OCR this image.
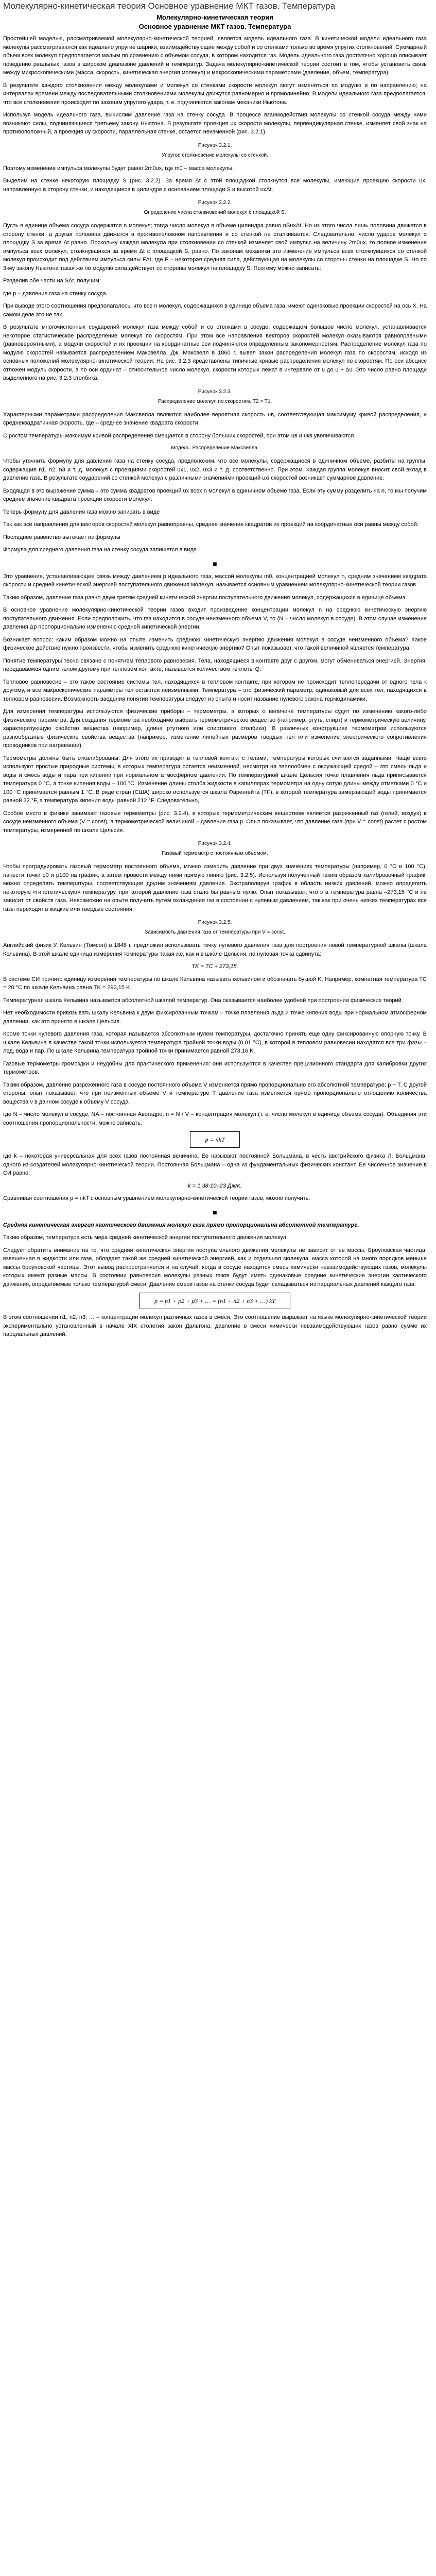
Молекулярно-кинетическая теория Основное уравнение МКТ газов. Температура
Молекулярно-кинетическая теория
Основное уравнение МКТ газов. Температура

Простейшей моделью, рассматриваемой молекулярно-кинетической теорией, является модель идеального газа. В кинетической модели идеального газа молекулы рассматриваются как идеально упругие шарики, взаимодействующие между собой и со стенками только во время упругих столкновений. Суммарный объем всех молекул предполагается малым по сравнению с объемом сосуда, в котором находится газ. Модель идеального газа достаточно хорошо описывает поведение реальных газов в широком диапазоне давлений и температур. Задача молекулярно-кинетической теории состоит в том, чтобы установить связь между микроскопическими (масса, скорость, кинетическая энергия молекул) и макроскопическими параметрами (давление, объем, температура).

В результате каждого столкновения между молекулами и молекул со стенками скорости молекул могут изменяться по модулю и по направлению; на интервалах времени между последовательными столкновениями молекулы движутся равномерно и прямолинейно. В модели идеального газа предполагается, что все столкновения происходят по законам упругого удара, т. е. подчиняются законам механики Ньютона.

Используя модель идеального газа, вычислим давление газа на стенку сосуда. В процессе взаимодействия молекулы со стенкой сосуда между ними возникают силы, подчиняющиеся третьему закону Ньютона. В результате проекция υx скорости молекулы, перпендикулярная стенке, изменяет свой знак на противоположный, а проекция υy скорости, параллельная стенке, остается неизменной (рис. 3.2.1).

Рисунок 3.2.1.
Упругое столкновение молекулы со стенкой.

Поэтому изменение импульса молекулы будет равно 2m0υx, где m0 – масса молекулы.

Выделим на стенке некоторую площадку S (рис. 3.2.2). За время Δt с этой площадкой столкнутся все молекулы, имеющие проекцию скорости υx, направленную в сторону стенки, и находящиеся в цилиндре с основанием площади S и высотой υxΔt.

Рисунок 3.2.2.
Определение числа столкновений молекул с площадкой S.

Пусть в единице объема сосуда содержатся n молекул; тогда число молекул в объеме цилиндра равно nSυxΔt. Но из этого числа лишь половина движется в сторону стенки, а другая половина движется в противоположном направлении и со стенкой не сталкивается. Следовательно, число ударов молекул о площадку S за время Δt равно. Поскольку каждая молекула при столкновении со стенкой изменяет свой импульс на величину 2m0υx, то полное изменение импульса всех молекул, столкнувшихся за время Δt с площадкой S, равно. По законам механики это изменение импульса всех столкнувшихся со стенкой молекул происходит под действием импульса силы FΔt, где F – некоторая средняя сила, действующая на молекулы со стороны стенки на площадке S. Но по 3-му закону Ньютона такая же по модулю сила действует со стороны молекул на площадку S. Поэтому можно записать:

Разделив обе части на SΔt, получим:

где p – давление газа на стенку сосуда.

При выводе этого соотношения предполагалось, что все n молекул, содержащихся в единице объема газа, имеют одинаковые проекции скоростей на ось X. На самом деле это не так.

В результате многочисленных соударений молекул газа между собой и со стенками в сосуде, содержащем большое число молекул, устанавливается некоторое статистическое распределение молекул по скоростям. При этом все направления векторов скоростей молекул оказываются равноправными (равновероятными), а модули скоростей и их проекции на координатные оси подчиняются определенным закономерностям. Распределение молекул газа по модулю скоростей называется распределением Максвелла. Дж. Максвелл в 1860 г. вывел закон распределения молекул газа по скоростям, исходя из основных положений молекулярно-кинетической теории. На рис. 3.2.3 представлены типичные кривые распределения молекул по скоростям. По оси абсцисс отложен модуль скорости, а по оси ординат – относительное число молекул, скорости которых лежат в интервале от υ до υ + Δυ. Это число равно площади выделенного на рис. 3.2.3 столбика.

Рисунок 3.2.3.
Распределение молекул по скоростям. T2 > T1.

Характерными параметрами распределения Максвелла являются наиболее вероятная скорость υв, соответствующая максимуму кривой распределения, и среднеквадратичная скорость, где – среднее значение квадрата скорости.

С ростом температуры максимум кривой распределения смещается в сторону больших скоростей, при этом υв и υкв увеличиваются.

Модель. Распределение Максвелла.

Чтобы уточнить формулу для давления газа на стенку сосуда, предположим, что все молекулы, содержащиеся в единичном объеме, разбиты на группы, содержащие n1, n2, n3 и т. д. молекул с проекциями скоростей υx1, υx2, υx3 и т. д. соответственно. При этом. Каждая группа молекул вносит свой вклад в давление газа. В результате соударений со стенкой молекул с различными значениями проекций υxi скоростей возникает суммарное давление.

Входящая в это выражение сумма – это сумма квадратов проекций υx всех n молекул в единичном объеме газа. Если эту сумму разделить на n, то мы получим среднее значение квадрата проекции скорости молекул:

Теперь формулу для давления газа можно записать в виде

Так как все направления для векторов скоростей молекул равноправны, среднее значение квадратов их проекций на координатные оси равны между собой:

Последнее равенство вытекает из формулы

Формула для среднего давления газа на стенку сосуда запишется в виде

■

Это уравнение, устанавливающее связь между давлением p идеального газа, массой молекулы m0, концентрацией молекул n, средним значением квадрата скорости и средней кинетической энергией поступательного движения молекул, называется основным уравнением молекулярно-кинетической теории газов.

Таким образом, давление газа равно двум третям средней кинетической энергии поступательного движения молекул, содержащихся в единице объема.

В основное уравнение молекулярно-кинетической теории газов входит произведение концентрации молекул n на среднюю кинетическую энергию поступательного движения. Если предположить, что газ находится в сосуде неизменного объема V, то (N – число молекул в сосуде). В этом случае изменение давления Δp пропорционально изменению средней кинетической энергии.

Возникает вопрос: каким образом можно на опыте изменить среднюю кинетическую энергию движения молекул в сосуде неизменного объема? Какое физическое действие нужно произвести, чтобы изменить среднюю кинетическую энергию? Опыт показывает, что такой величиной является температура.

Понятие температуры тесно связано с понятием теплового равновесия. Тела, находящиеся в контакте друг с другом, могут обмениваться энергией. Энергия, передаваемая одним телом другому при тепловом контакте, называется количеством теплоты Q.

Тепловое равновесие – это такое состояние системы тел, находящихся в тепловом контакте, при котором не происходит теплопередачи от одного тела к другому, и все макроскопические параметры тел остаются неизменными. Температура – это физический параметр, одинаковый для всех тел, находящихся в тепловом равновесии. Возможность введения понятия температуры следует из опыта и носит название нулевого закона термодинамики.

Для измерения температуры используются физические приборы – термометры, в которых о величине температуры судят по изменению какого-либо физического параметра. Для создания термометра необходимо выбрать термометрическое вещество (например, ртуть, спирт) и термометрическую величину, характеризующую свойство вещества (например, длина ртутного или спиртового столбика). В различных конструкциях термометров используются разнообразные физические свойства вещества (например, изменение линейных размеров твердых тел или изменение электрического сопротивления проводников при нагревании).

Термометры должны быть откалиброваны. Для этого их приводят в тепловой контакт с телами, температуры которых считаются заданными. Чаще всего используют простые природные системы, в которых температура остается неизменной, несмотря на теплообмен с окружающей средой – это смесь льда и воды и смесь воды и пара при кипении при нормальном атмосферном давлении. По температурной шкале Цельсия точке плавления льда приписывается температура 0 °C, а точке кипения воды – 100 °C. Изменение длины столба жидкости в капиллярах термометра на одну сотую длины между отметками 0 °C и 100 °C принимается равным 1 °C. В ряде стран (США) широко используется шкала Фаренгейта (TF), в которой температура замерзающей воды принимается равной 32 °F, а температура кипения воды равной 212 °F. Следовательно,

Особое место в физике занимают газовые термометры (рис. 3.2.4), в которых термометрическим веществом является разреженный газ (гелий, воздух) в сосуде неизменного объема (V = const), а термометрической величиной – давление газа p. Опыт показывает, что давление газа (при V = const) растет с ростом температуры, измеренной по шкале Цельсия.

Рисунок 3.2.4.
Газовый термометр с постоянным объемом.

Чтобы проградуировать газовый термометр постоянного объема, можно измерить давление при двух значениях температуры (например, 0 °C и 100 °C), нанести точки p0 и p100 на график, а затем провести между ними прямую линию (рис. 3.2.5). Используя полученный таким образом калибровочный график, можно определять температуры, соответствующие другим значениям давления. Экстраполируя график в область низких давлений, можно определить некоторую «гипотетическую» температуру, при которой давление газа стало бы равным нулю. Опыт показывает, что эта температура равна –273,15 °C и не зависит от свойств газа. Невозможно на опыте получить путем охлаждения газ в состоянии с нулевым давлением, так как при очень низких температурах все газы переходят в жидкие или твердые состояния.

Рисунок 3.2.5.
Зависимость давления газа от температуры при V = const.

Английский физик У. Кельвин (Томсон) в 1848 г. предложил использовать точку нулевого давления газа для построения новой температурной шкалы (шкала Кельвина). В этой шкале единица измерения температуры такая же, как и в шкале Цельсия, но нулевая точка сдвинута:

TK = TC + 273,15.

В системе СИ принято единицу измерения температуры по шкале Кельвина называть кельвином и обозначать буквой K. Например, комнатная температура TC = 20 °C по шкале Кельвина равна TK = 293,15 K.

Температурная шкала Кельвина называется абсолютной шкалой температур. Она оказывается наиболее удобной при построении физических теорий.

Нет необходимости привязывать шкалу Кельвина к двум фиксированным точкам – точке плавления льда и точке кипения воды при нормальном атмосферном давлении, как это принято в шкале Цельсия.

Кроме точки нулевого давления газа, которая называется абсолютным нулем температуры, достаточно принять еще одну фиксированную опорную точку. В шкале Кельвина в качестве такой точки используется температура тройной точки воды (0,01 °C), в которой в тепловом равновесии находятся все три фазы – лед, вода и пар. По шкале Кельвина температура тройной точки принимается равной 273,16 K.

Газовые термометры громоздки и неудобны для практического применения: они используются в качестве прецизионного стандарта для калибровки других термометров.

Таким образом, давление разреженного газа в сосуде постоянного объема V изменяется прямо пропорционально его абсолютной температуре: p ~ T. С другой стороны, опыт показывает, что при неизменных объеме V и температуре T давление газа изменяется прямо пропорционально отношению количества вещества ν в данном сосуде к объему V сосуда

где N – число молекул в сосуде, NA – постоянная Авогадро, n = N / V – концентрация молекул (т. е. число молекул в единице объема сосуда). Объединяя эти соотношения пропорциональности, можно записать:

p = nkT

где k – некоторая универсальная для всех газов постоянная величина. Ее называют постоянной Больцмана, в честь австрийского физика Л. Больцмана, одного из создателей молекулярно-кинетической теории. Постоянная Больцмана – одна из фундаментальных физических констант. Ее численное значение в СИ равно:

k = 1,38·10–23 Дж/К.

Сравнивая соотношения p = nkT с основным уравнением молекулярно-кинетической теории газов, можно получить:

■

Средняя кинетическая энергия хаотического движения молекул газа прямо пропорциональна абсолютной температуре.

Таким образом, температура есть мера средней кинетической энергии поступательного движения молекул.

Следует обратить внимание на то, что средняя кинетическая энергия поступательного движения молекулы не зависит от ее массы. Броуновская частица, взвешенная в жидкости или газе, обладает такой же средней кинетической энергией, как и отдельная молекула, масса которой на много порядков меньше массы броуновской частицы. Этот вывод распространяется и на случай, когда в сосуде находится смесь химически невзаимодействующих газов, молекулы которых имеют разные массы. В состоянии равновесия молекулы разных газов будут иметь одинаковые средние кинетические энергии хаотического движения, определяемые только температурой смеси. Давление смеси газов на стенки сосуда будет складываться из парциальных давлений каждого газа:

p = p1 + p2 + p3 + … = (n1 + n2 + n3 + …) kT

В этом соотношении n1, n2, n3, … – концентрации молекул различных газов в смеси. Это соотношение выражает на языке молекулярно-кинетической теории экспериментально установленный в начале XIX столетия закон Дальтона: давление в смеси химически невзаимодействующих газов равно сумме их парциальных давлений.
